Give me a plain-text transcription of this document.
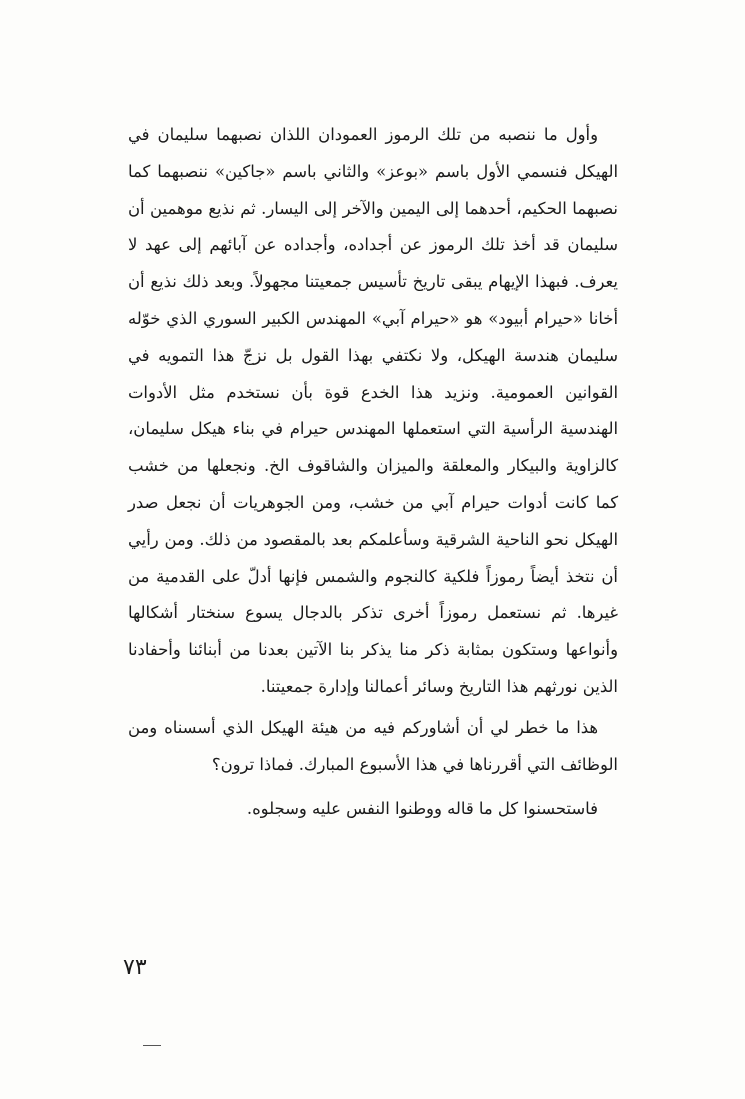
وأول ما ننصبه من تلك الرموز العمودان اللذان نصبهما سليمان في الهيكل فنسمي الأول باسم «بوعز» والثاني باسم «جاكين» ننصبهما كما نصبهما الحكيم، أحدهما إلى اليمين والآخر إلى اليسار. ثم نذيع موهمين أن سليمان قد أخذ تلك الرموز عن أجداده، وأجداده عن آبائهم إلى عهد لا يعرف. فبهذا الإيهام يبقى تاريخ تأسيس جمعيتنا مجهولاً. وبعد ذلك نذيع أن أخانا «حيرام أبيود» هو «حيرام آبي» المهندس الكبير السوري الذي خوّله سليمان هندسة الهيكل، ولا نكتفي بهذا القول بل نزجّ هذا التمويه في القوانين العمومية. ونزيد هذا الخدع قوة بأن نستخدم مثل الأدوات الهندسية الرأسية التي استعملها المهندس حيرام في بناء هيكل سليمان، كالزاوية والبيكار والمعلقة والميزان والشاقوف الخ. ونجعلها من خشب كما كانت أدوات حيرام آبي من خشب، ومن الجوهريات أن نجعل صدر الهيكل نحو الناحية الشرقية وسأعلمكم بعد بالمقصود من ذلك. ومن رأيي أن نتخذ أيضاً رموزاً فلكية كالنجوم والشمس فإنها أدلّ على القدمية من غيرها. ثم نستعمل رموزاً أخرى تذكر بالدجال يسوع سنختار أشكالها وأنواعها وستكون بمثابة ذكر منا يذكر بنا الآتين بعدنا من أبنائنا وأحفادنا الذين نورثهم هذا التاريخ وسائر أعمالنا وإدارة جمعيتنا.

هذا ما خطر لي أن أشاوركم فيه من هيئة الهيكل الذي أسسناه ومن الوظائف التي أقررناها في هذا الأسبوع المبارك. فماذا ترون؟

فاستحسنوا كل ما قاله ووطنوا النفس عليه وسجلوه.

٧٣
